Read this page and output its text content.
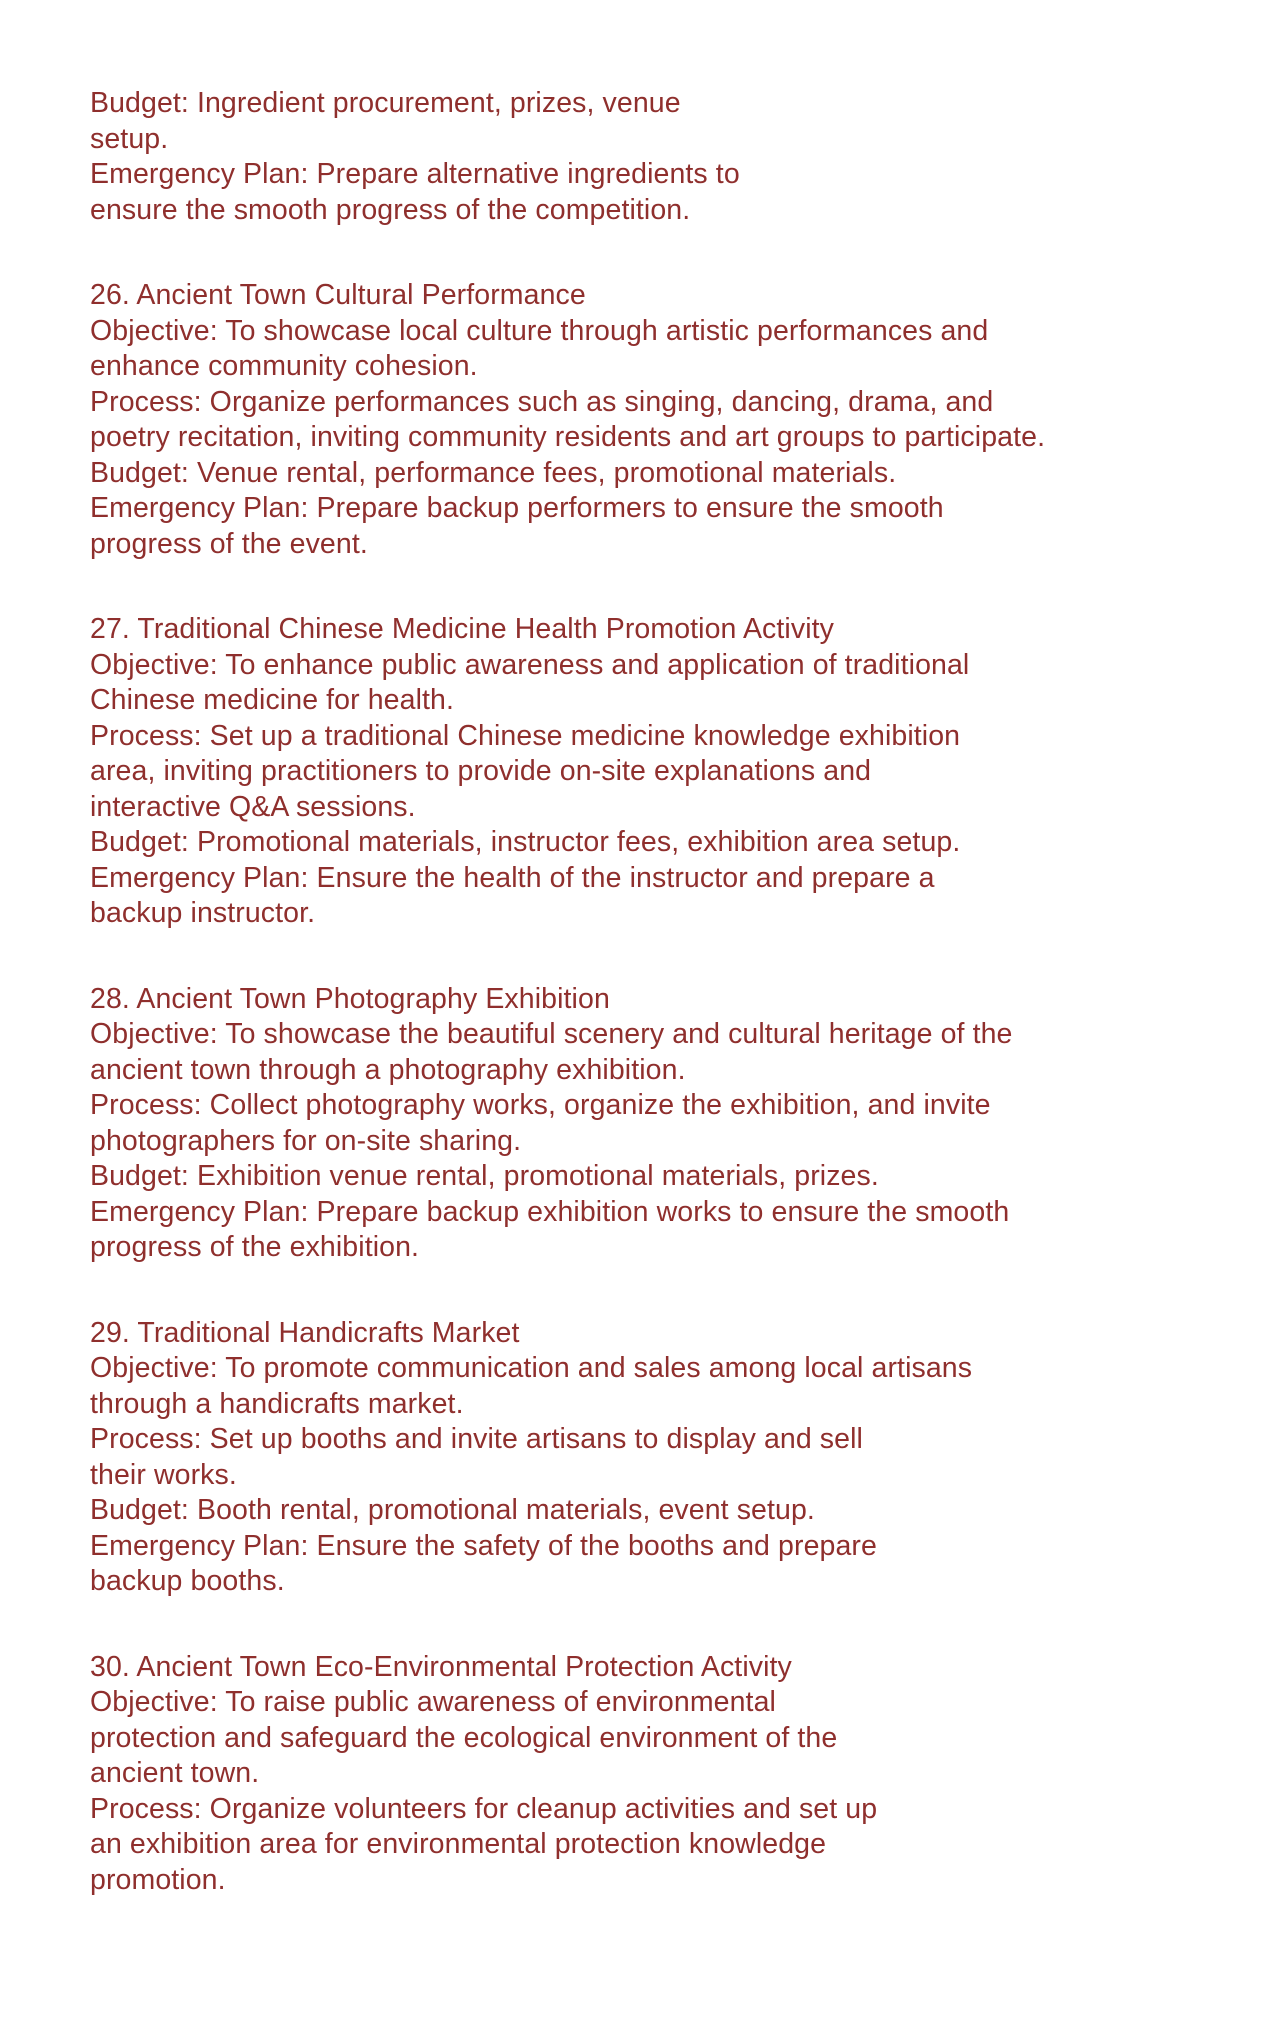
Budget: Ingredient procurement, prizes, venue
setup.
Emergency Plan: Prepare alternative ingredients to
ensure the smooth progress of the competition.
26. Ancient Town Cultural Performance
Objective: To showcase local culture through artistic performances and
enhance community cohesion.
Process: Organize performances such as singing, dancing, drama, and
poetry recitation, inviting community residents and art groups to participate.
Budget: Venue rental, performance fees, promotional materials.
Emergency Plan: Prepare backup performers to ensure the smooth
progress of the event.
27. Traditional Chinese Medicine Health Promotion Activity
Objective: To enhance public awareness and application of traditional
Chinese medicine for health.
Process: Set up a traditional Chinese medicine knowledge exhibition
area, inviting practitioners to provide on-site explanations and
interactive Q&A sessions.
Budget: Promotional materials, instructor fees, exhibition area setup.
Emergency Plan: Ensure the health of the instructor and prepare a
backup instructor.
28. Ancient Town Photography Exhibition
Objective: To showcase the beautiful scenery and cultural heritage of the
ancient town through a photography exhibition.
Process: Collect photography works, organize the exhibition, and invite
photographers for on-site sharing.
Budget: Exhibition venue rental, promotional materials, prizes.
Emergency Plan: Prepare backup exhibition works to ensure the smooth
progress of the exhibition.
29. Traditional Handicrafts Market
Objective: To promote communication and sales among local artisans
through a handicrafts market.
Process: Set up booths and invite artisans to display and sell
their works.
Budget: Booth rental, promotional materials, event setup.
Emergency Plan: Ensure the safety of the booths and prepare
backup booths.
30. Ancient Town Eco-Environmental Protection Activity
Objective: To raise public awareness of environmental
protection and safeguard the ecological environment of the
ancient town.
Process: Organize volunteers for cleanup activities and set up
an exhibition area for environmental protection knowledge
promotion.
